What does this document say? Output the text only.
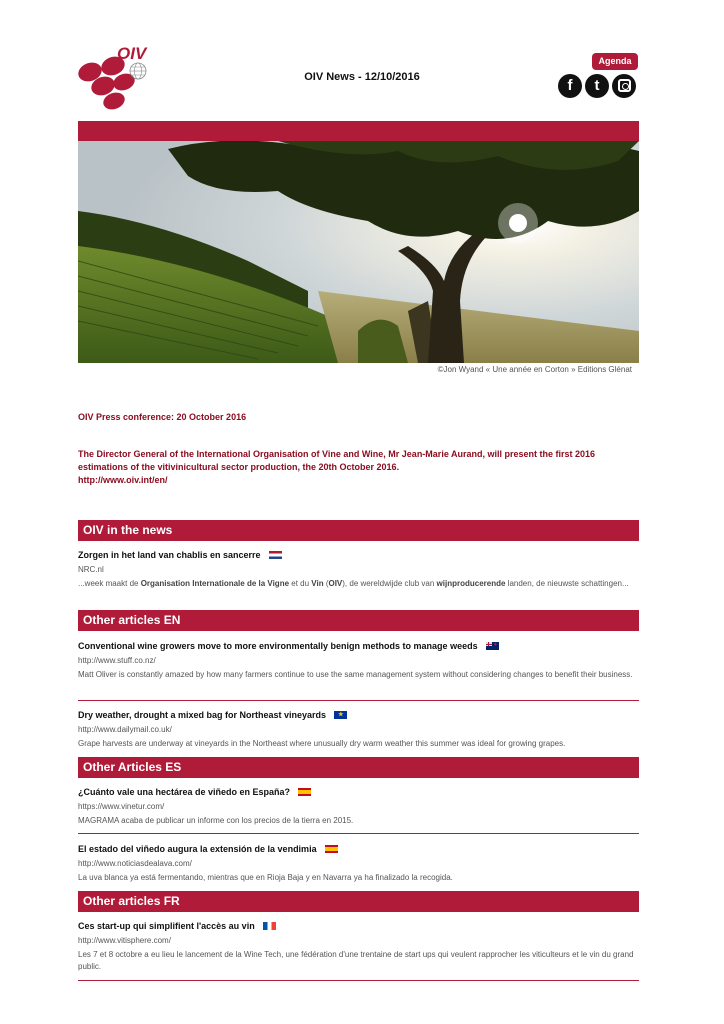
OIV
OIV News - 12/10/2016
Agenda
f	t
©Jon Wyand « Une année en Corton » Editions Glénat
OIV Press conference: 20 October 2016
The Director General of the International Organisation of Vine and Wine, Mr Jean-Marie Aurand, will present the first 2016 estimations of the vitivinicultural sector production, the 20th October 2016.
http://www.oiv.int/en/
OIV in the news
Zorgen in het land van chablis en sancerre
NRC.nl
...week maakt de Organisation Internationale de la Vigne et du Vin (OIV), de wereldwijde club van wijnproducerende landen, de nieuwste schattingen...
Other articles EN
Conventional wine growers move to more environmentally benign methods to manage weeds✦
http://www.stuff.co.nz/
Matt Oliver is constantly amazed by how many farmers continue to use the same management system without considering changes to benefit their business.
Dry weather, drought a mixed bag for Northeast vineyards★
http://www.dailymail.co.uk/
Grape harvests are underway at vineyards in the Northeast where unusually dry warm weather this summer was ideal for growing grapes.
Other Articles ES
¿Cuánto vale una hectárea de viñedo en España?
https://www.vinetur.com/
MAGRAMA acaba de publicar un informe con los precios de la tierra en 2015.
El estado del viñedo augura la extensión de la vendimia
http://www.noticiasdealava.com/
La uva blanca ya está fermentando, mientras que en Rioja Baja y en Navarra ya ha finalizado la recogida.
Other articles FR
Ces start-up qui simplifient l'accès au vin
http://www.vitisphere.com/
Les 7 et 8 octobre a eu lieu le lancement de la Wine Tech, une fédération d'une trentaine de start ups qui veulent rapprocher les viticulteurs et le vin du grand public.
